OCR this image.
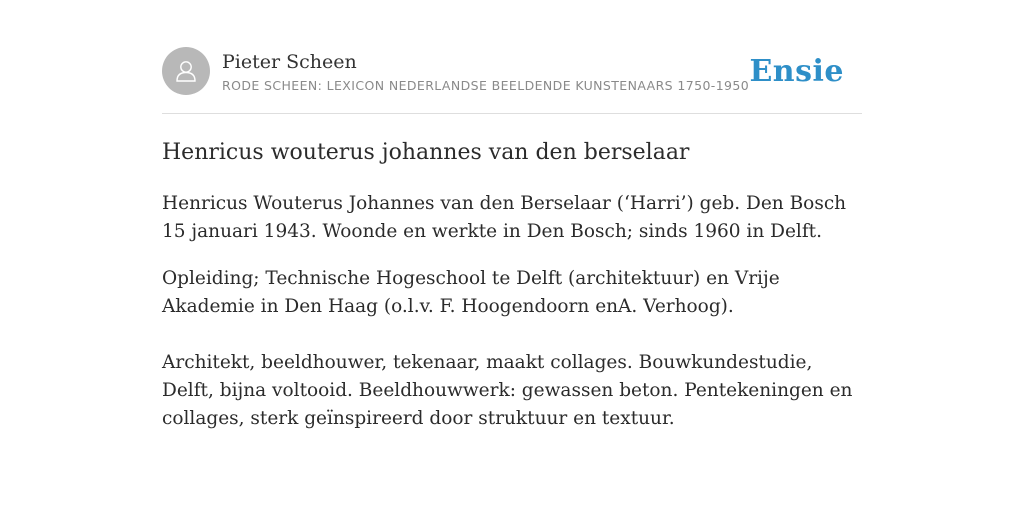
Pieter Scheen
RODE SCHEEN: LEXICON NEDERLANDSE BEELDENDE KUNSTENAARS 1750-1950 Ensie
Henricus wouterus johannes van den berselaar

Henricus Wouterus Johannes van den Berselaar (‘Harri’) geb. Den Bosch 15 januari 1943. Woonde en werkte in Den Bosch; sinds 1960 in Delft.

Opleiding; Technische Hogeschool te Delft (architektuur) en Vrije Akademie in Den Haag (o.l.v. F. Hoogendoorn enA. Verhoog).

Architekt, beeldhouwer, tekenaar, maakt collages. Bouwkundestudie, Delft, bijna voltooid. Beeldhouwwerk: gewassen beton. Pentekeningen en collages, sterk geïnspireerd door struktuur en textuur.
